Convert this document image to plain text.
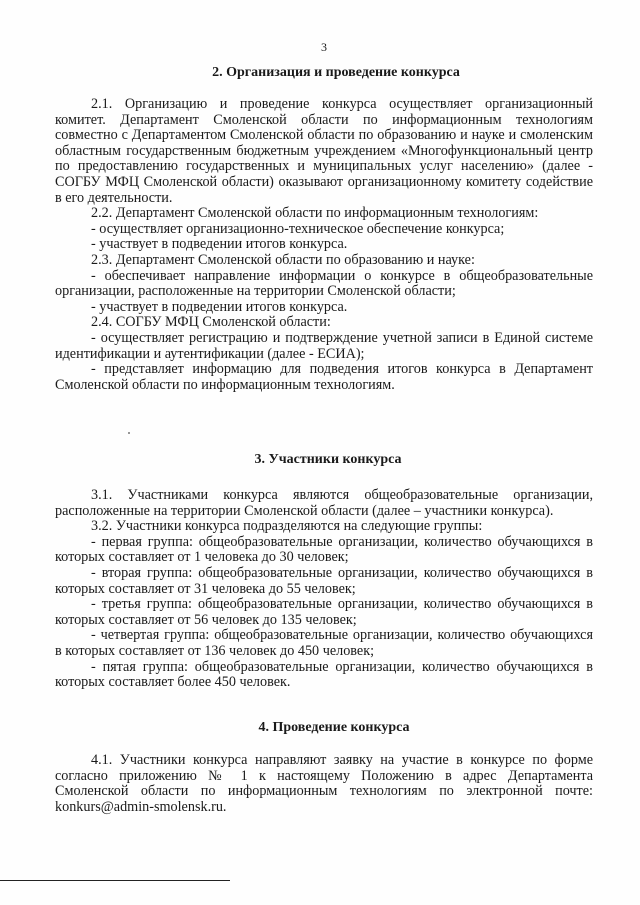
3
2. Организация и проведение конкурса

2.1. Организацию и проведение конкурса осуществляет организационный комитет. Департамент Смоленской области по информационным технологиям совместно с Департаментом Смоленской области по образованию и науке и смоленским областным государственным бюджетным учреждением «Многофункциональный центр по предоставлению государственных и муниципальных услуг населению» (далее - СОГБУ МФЦ Смоленской области) оказывают организационному комитету содействие в его деятельности.

2.2. Департамент Смоленской области по информационным технологиям:

- осуществляет организационно-техническое обеспечение конкурса;

- участвует в подведении итогов конкурса.

2.3. Департамент Смоленской области по образованию и науке:

- обеспечивает направление информации о конкурсе в общеобразовательные организации, расположенные на территории Смоленской области;

- участвует в подведении итогов конкурса.

2.4. СОГБУ МФЦ Смоленской области:

- осуществляет регистрацию и подтверждение учетной записи в Единой системе идентификации и аутентификации (далее - ЕСИА);

- представляет информацию для подведения итогов конкурса в Департамент Смоленской области по информационным технологиям.

3. Участники конкурса

3.1. Участниками конкурса являются общеобразовательные организации, расположенные на территории Смоленской области (далее – участники конкурса).

3.2. Участники конкурса подразделяются на следующие группы:

- первая группа: общеобразовательные организации, количество обучающихся в которых составляет от 1 человека до 30 человек;

- вторая группа: общеобразовательные организации, количество обучающихся в которых составляет от 31 человека до 55 человек;

- третья группа: общеобразовательные организации, количество обучающихся в которых составляет от 56 человек до 135 человек;

- четвертая группа: общеобразовательные организации, количество обучающихся в которых составляет от 136 человек до 450 человек;

- пятая группа: общеобразовательные организации, количество обучающихся в которых составляет более 450 человек.

4. Проведение конкурса

4.1. Участники конкурса направляют заявку на участие в конкурсе по форме согласно приложению № 1 к настоящему Положению в адрес Департамента Смоленской области по информационным технологиям по электронной почте: konkurs@admin-smolensk.ru.
